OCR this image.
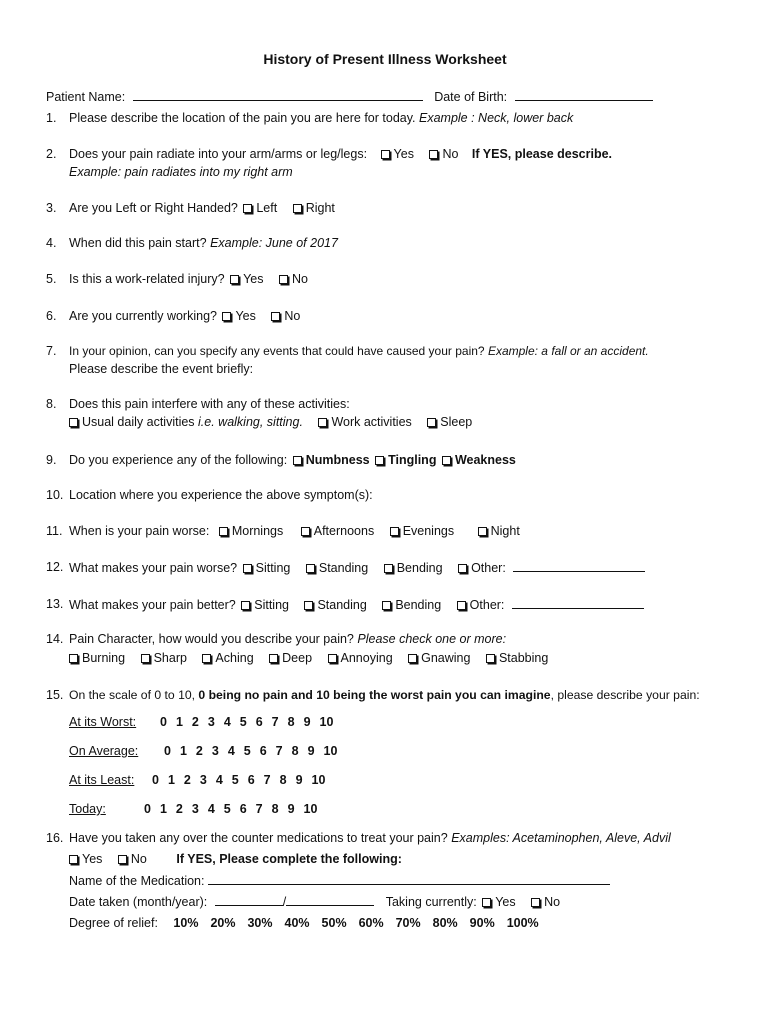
History of Present Illness Worksheet
Patient Name:	Date of Birth:
1. Please describe the location of the pain you are here for today. Example : Neck, lower back
2. Does your pain radiate into your arm/arms or leg/legs: Yes No If YES, please describe.
Example: pain radiates into my right arm
3. Are you Left or Right Handed? Left Right
4. When did this pain start? Example: June of 2017
5. Is this a work-related injury? Yes No
6. Are you currently working? Yes No
7. In your opinion, can you specify any events that could have caused your pain? Example: a fall or an accident.
Please describe the event briefly:
8. Does this pain interfere with any of these activities:
Usual daily activities i.e. walking, sitting. Work activities Sleep
9. Do you experience any of the following: Numbness Tingling Weakness
10. Location where you experience the above symptom(s):
11. When is your pain worse: Mornings Afternoons Evenings	Night
12. What makes your pain worse? Sitting Standing Bending Other:
13. What makes your pain better? Sitting Standing Bending Other:
14. Pain Character, how would you describe your pain? Please check one or more:
Burning Sharp Aching Deep Annoying Gnawing Stabbing
15. On the scale of 0 to 10, 0 being no pain and 10 being the worst pain you can imagine, please describe your pain:
At its Worst: 0 1 2 3 4 5 6 7 8 9 10
On Average: 0 1 2 3 4 5 6 7 8 9 10
At its Least: 0 1 2 3 4 5 6 7 8 9 10
Today:	0 1 2 3 4 5 6 7 8 9 10
16. Have you taken any over the counter medications to treat your pain? Examples: Acetaminophen, Aleve, Advil
Yes No If YES, Please complete the following:
Name of the Medication:
Date taken (month/year):	/	Taking currently: Yes No
Degree of relief: 10% 20% 30% 40% 50% 60% 70% 80% 90% 100%
